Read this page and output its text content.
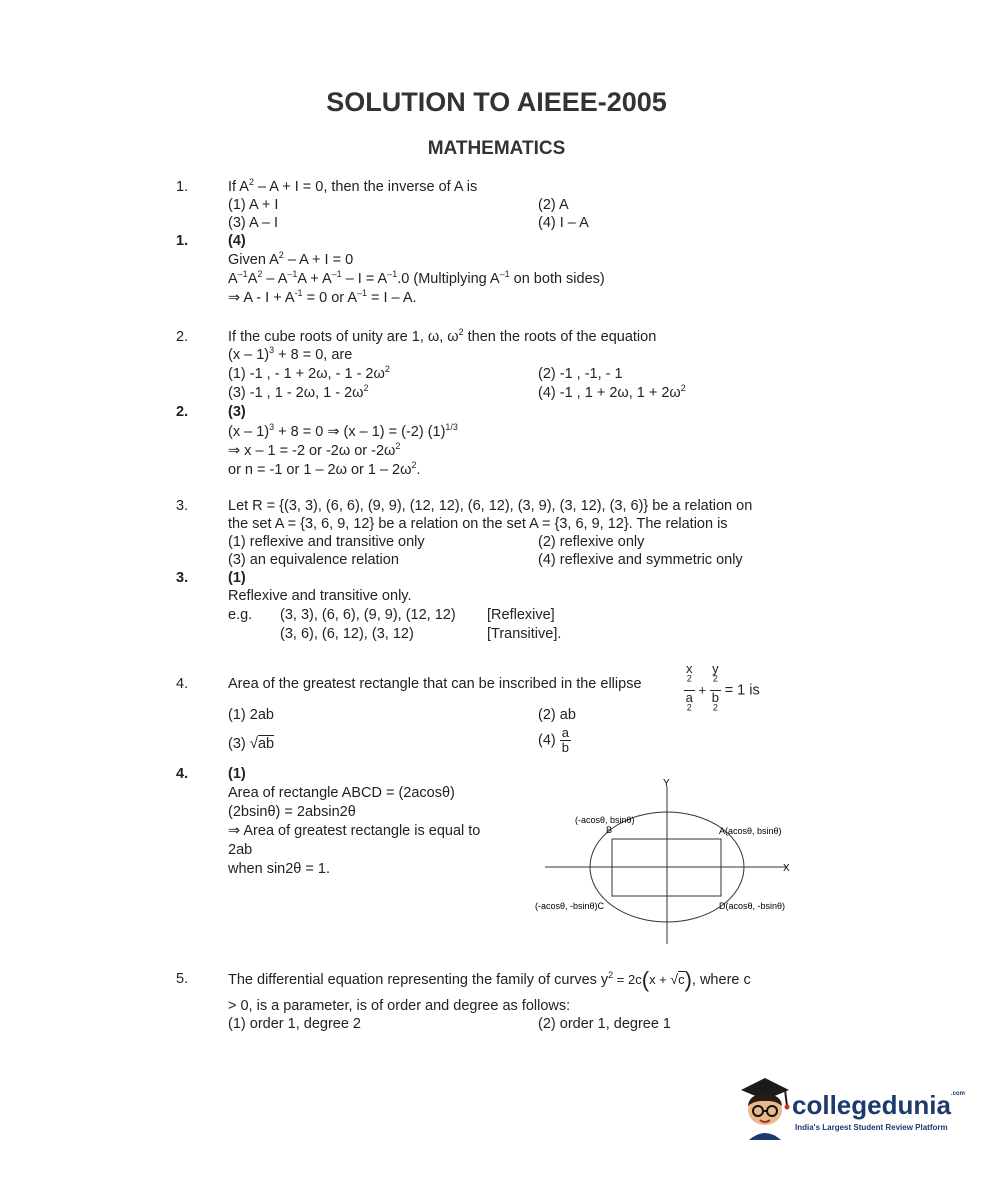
SOLUTION TO AIEEE-2005
MATHEMATICS
1.	If $A^2 - A + I = 0$, then the inverse of A is
(1) A + I	(2) A
(3) A – I	(4) I – A
1.	(4)
Given $A^2 - A + I = 0$
$A^{-1}A^2 - A^{-1}A + A^{-1} - I = A^{-1}.0$ (Multiplying $A^{-1}$ on both sides)
⇒ $A - I + A^{-1} = 0$ or $A^{-1} = I - A$.
2.	If the cube roots of unity are 1, ω, $\omega^2$ then the roots of the equation
(x – 1)$^3$ + 8 = 0, are
(1) -1 , - 1 + 2ω, - $1 - 2\omega^2$	(2) -1 , -1, - 1
(3) -1 , 1 - 2ω, $1 - 2\omega^2$	(4) -1 , 1 + 2ω, $1 + 2\omega^2$
2.	(3)
(x – 1)$^3$ + 8 = 0 ⇒ (x – 1) = (-2) $(1)^{1/3}$
⇒ x – 1 = -2 or -2ω or $-2\omega^2$
or n = -1 or 1 – 2ω or $1 - 2\omega^2$.
3.	Let R = {(3, 3), (6, 6), (9, 9), (12, 12), (6, 12), (3, 9), (3, 12), (3, 6)} be a relation on
the set A = {3, 6, 9, 12} be a relation on the set A = {3, 6, 9, 12}. The relation is
(1) reflexive and transitive only	(2) reflexive only
(3) an equivalence relation	(4) reflexive and symmetric only
3.	(1)
Reflexive and transitive only.
e.g. (3, 3), (6, 6), (9, 9), (12, 12) [Reflexive]
(3, 6), (6, 12), (3, 12)	[Transitive].
4.	Area of the greatest rectangle that can be inscribed in the ellipse	x
$^2$
a
$^2$ + y
$^2$
b
$^2$ = 1 is
(1) 2ab	(2) ab
(3) √ab	$(4) \frac{a}{b}$
4.	(1)
Area of rectangle ABCD = (2acosθ)
(2bsinθ) = 2absin2θ
⇒ Area of greatest rectangle is equal to
2ab
when sin2θ = 1.
Y
X
(-acosθ, bsinθ)
B	A(acosθ, bsinθ)
(-acosθ, -bsinθ)C	D(acosθ, -bsinθ)
5.	The differential equation representing the family of curves $y^2 = 2c(x + √c)$, where c
> 0, is a parameter, is of order and degree as follows:
(1) order 1, degree 2	(2) order 1, degree 1
collegedunia$^{.com}$
India's Largest Student Review Platform
